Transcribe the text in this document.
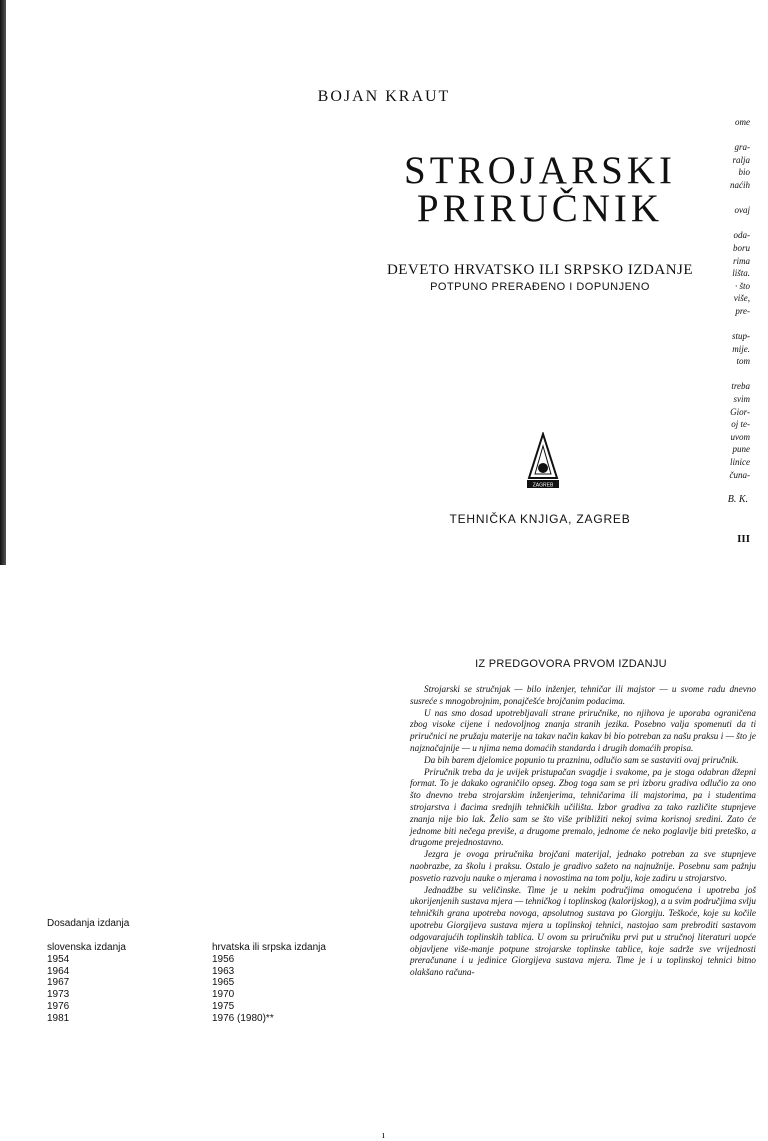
BOJAN KRAUT
STROJARSKI
PRIRUČNIK
DEVETO HRVATSKO ILI SRPSKO IZDANJE
POTPUNO PRERAĐENO I DOPUNJENO
ZAGREB
TEHNIČKA KNJIGA, ZAGREB
ome

gra-
ralja
bio
naćih

ovaj

oda-
boru
rima
lišta.
· što
više,
pre-

stup-
mije.
tom

treba
svim
Gior-
oj te-
uvom
pune
linice
čuna-
B. K.
III
ı
IZ PREDGOVORA PRVOM IZDANJU

Strojarski se stručnjak — bilo inženjer, tehničar ili majstor — u svome radu dnevno susreće s mnogobrojnim, ponajčešće brojčanim podacima.

U nas smo dosad upotrebljavali strane priručnike, no njihova je uporaba ograničena zbog visoke cijene i nedovoljnog znanja stranih jezika. Posebno valja spomenuti da ti priručnici ne pružaju materije na takav način kakav bi bio potreban za našu praksu i — što je najznačajnije — u njima nema domaćih standarda i drugih domaćih propisa.

Da bih barem djelomice popunio tu prazninu, odlučio sam se sastaviti ovaj priručnik.

Priručnik treba da je uvijek pristupačan svagdje i svakome, pa je stoga odabran džepni format. To je dakako ograničilo opseg. Zbog toga sam se pri izboru gradiva odlučio za ono što dnevno treba strojarskim inženjerima, tehničarima ili majstorima, pa i studentima strojarstva i đacima srednjih tehničkih učilišta. Izbor gradiva za tako različite stupnjeve znanja nije bio lak. Želio sam se što više približiti nekoj svima korisnoj sredini. Zato će jednome biti nečega previše, a drugome premalo, jednome će neko poglavlje biti preteško, a drugome prejednostavno.

Jezgra je ovoga priručnika brojčani materijal, jednako potreban za sve stupnjeve naobrazbe, za školu i praksu. Ostalo je gradivo sažeto na najnužnije. Posebnu sam pažnju posvetio razvoju nauke o mjerama i novostima na tom polju, koje zadiru u strojarstvo.

Jednadžbe su veličinske. Time je u nekim područjima omogućena i upotreba još ukorijenjenih sustava mjera — tehničkog i toplinskog (kalorijskog), a u svim područjima svlju tehničkih grana upotreba novoga, apsolutnog sustava po Giorgiju. Teškoće, koje su kočile upotrebu Giorgijeva sustava mjera u toplinskoj tehnici, nastojao sam prebroditi sastavom odgovarajućih toplinskih tablica. U ovom su priručniku prvi put u stručnoj literaturi uopće objavljene više-manje potpune strojarske toplinske tablice, koje sadrže sve vrijednosti preračunane i u jedinice Giorgijeva sustava mjera. Time je i u toplinskoj tehnici bitno olakšano računa-

Dosadanja izdanja
slovenska izdanja
1954
1964
1967
1973
1976
1981
hrvatska ili srpska izdanja
1956
1963
1965
1970
1975
1976 (1980)**
